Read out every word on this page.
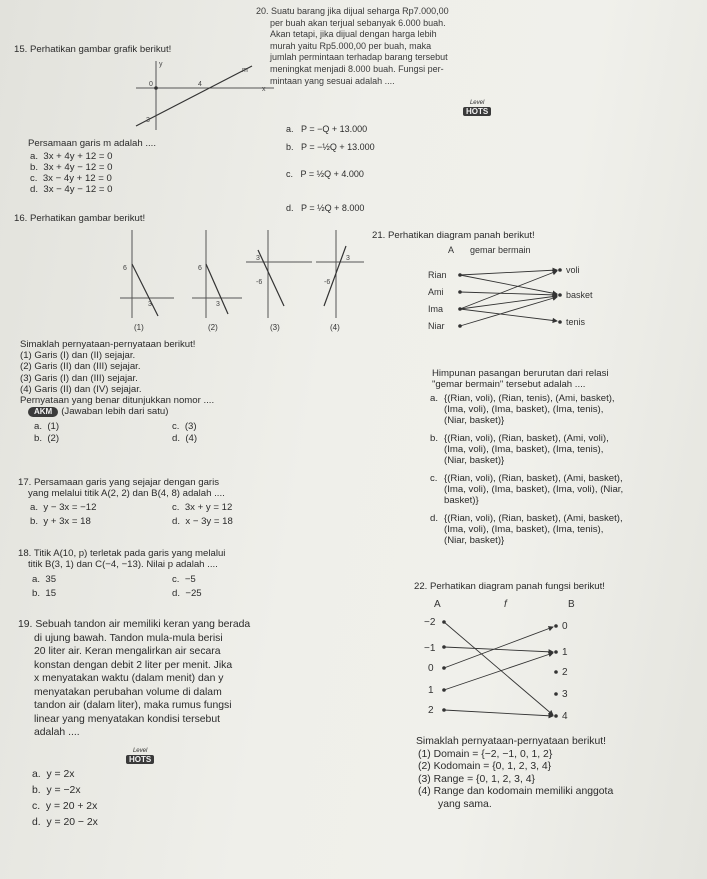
15. Perhatikan gambar grafik berikut!

y
x
m
0	4
3

Persamaan garis m adalah ....

a. 3x + 4y + 12 = 0
b. 3x + 4y − 12 = 0
c. 3x − 4y + 12 = 0
d. 3x − 4y − 12 = 0

16. Perhatikan gambar berikut!

6
3
(1)
6
3
(2)
3
-6
(3)
3
-6
(4)

Simaklah pernyataan-pernyataan berikut!

(1) Garis (I) dan (II) sejajar.

(2) Garis (II) dan (III) sejajar.

(3) Garis (I) dan (III) sejajar.

(4) Garis (II) dan (IV) sejajar.

Pernyataan yang benar ditunjukkan nomor ....

AKM (Jawaban lebih dari satu)
a. (1)
b. (2)
c. (3)
d. (4)

17. Persamaan garis yang sejajar dengan garis

yang melalui titik A(2, 2) dan B(4, 8) adalah ....

a. y − 3x = −12
b. y + 3x = 18
c. 3x + y = 12
d. x − 3y = 18

18. Titik A(10, p) terletak pada garis yang melalui

titik B(3, 1) dan C(−4, −13). Nilai p adalah ....

a. 35
b. 15
c. −5
d. −25

19. Sebuah tandon air memiliki keran yang berada

di ujung bawah. Tandon mula-mula berisi

20 liter air. Keran mengalirkan air secara

konstan dengan debit 2 liter per menit. Jika

x menyatakan waktu (dalam menit) dan y

menyatakan perubahan volume di dalam

tandon air (dalam liter), maka rumus fungsi

linear yang menyatakan kondisi tersebut

adalah ....

Level
HOTS
a. y = 2x
b. y = −2x
c. y = 20 + 2x
d. y = 20 − 2x

20. Suatu barang jika dijual seharga Rp7.000,00

per buah akan terjual sebanyak 6.000 buah.

Akan tetapi, jika dijual dengan harga lebih

murah yaitu Rp5.000,00 per buah, maka

jumlah permintaan terhadap barang tersebut

meningkat menjadi 8.000 buah. Fungsi per-

mintaan yang sesuai adalah ....

Level
HOTS
a. P = −Q + 13.000
b. P = −½Q + 13.000
c. P = ½Q + 4.000
d. P = ½Q + 8.000

21. Perhatikan diagram panah berikut!

A gemar bermain
Rian
Ami
Ima
Niar
voli
basket
tenis

Himpunan pasangan berurutan dari relasi

"gemar bermain" tersebut adalah ....

a. {(Rian, voli), (Rian, tenis), (Ami, basket),

(Ima, voli), (Ima, basket), (Ima, tenis),

(Niar, basket)}

b. {(Rian, voli), (Rian, basket), (Ami, voli),

(Ima, voli), (Ima, basket), (Ima, tenis),

(Niar, basket)}

c. {(Rian, voli), (Rian, basket), (Ami, basket),

(Ima, voli), (Ima, basket), (Ima, voli), (Niar,

basket)}

d. {(Rian, voli), (Rian, basket), (Ami, basket),

(Ima, voli), (Ima, basket), (Ima, tenis),

(Niar, basket)}

22. Perhatikan diagram panah fungsi berikut!

A	f	B
−2
−1
0
1
2
0
1
2
3
4

Simaklah pernyataan-pernyataan berikut!

(1) Domain = {−2, −1, 0, 1, 2}

(2) Kodomain = {0, 1, 2, 3, 4}

(3) Range = {0, 1, 2, 3, 4}

(4) Range dan kodomain memiliki anggota

yang sama.
